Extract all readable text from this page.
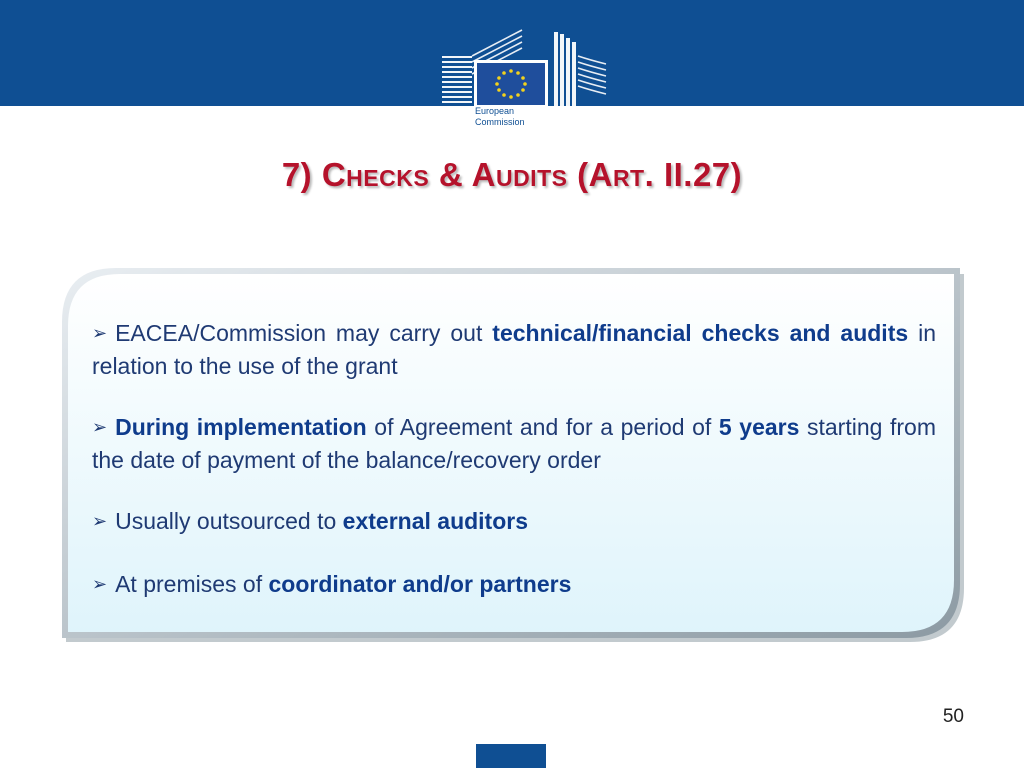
European
Commission
7) Checks & Audits (Art. II.27)
➢ EACEA/Commission may carry out technical/financial checks and audits in relation to the use of the grant
➢ During implementation of Agreement and for a period of 5 years starting from the date of payment of the balance/recovery order
➢ Usually outsourced to external auditors
➢ At premises of coordinator and/or partners
50
